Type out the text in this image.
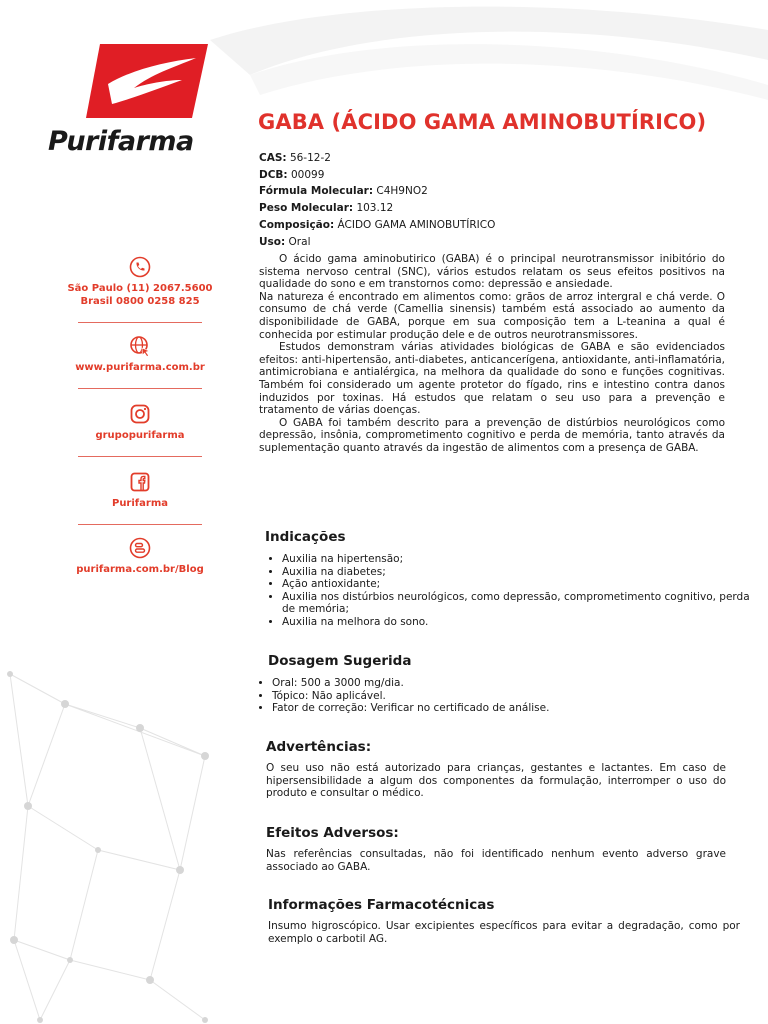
Purifarma
São Paulo (11) 2067.5600
Brasil 0800 0258 825
www.purifarma.com.br
grupopurifarma
Purifarma
purifarma.com.br/Blog
GABA (ÁCIDO GAMA AMINOBUTÍRICO)
CAS: 56-12-2
DCB: 00099
Fórmula Molecular: C4H9NO2
Peso Molecular: 103.12
Composição: ÁCIDO GAMA AMINOBUTÍRICO
Uso: Oral

O ácido gama aminobutirico (GABA) é o principal neurotransmissor inibitório do sistema nervoso central (SNC), vários estudos relatam os seus efeitos positivos na qualidade do sono e em transtornos como: depressão e ansiedade.

Na natureza é encontrado em alimentos como: grãos de arroz intergral e chá verde. O consumo de chá verde (Camellia sinensis) também está associado ao aumento da disponibilidade de GABA, porque em sua composição tem a L-teanina a qual é conhecida por estimular produção dele e de outros neurotransmissores.

Estudos demonstram várias atividades biológicas de GABA e são evidenciados efeitos: anti-hipertensão, anti-diabetes, anticancerígena, antioxidante, anti-inflamatória, antimicrobiana e antialérgica, na melhora da qualidade do sono e funções cognitivas. Também foi considerado um agente protetor do fígado, rins e intestino contra danos induzidos por toxinas. Há estudos que relatam o seu uso para a prevenção e tratamento de várias doenças.

O GABA foi também descrito para a prevenção de distúrbios neurológicos como depressão, insônia, comprometimento cognitivo e perda de memória, tanto através da suplementação quanto através da ingestão de alimentos com a presença de GABA.

Indicações
• Auxilia na hipertensão;
• Auxilia na diabetes;
• Ação antioxidante;
• Auxilia nos distúrbios neurológicos, como depressão, comprometimento cognitivo, perda de memória;
• Auxilia na melhora do sono.
Dosagem Sugerida
• Oral: 500 a 3000 mg/dia.
• Tópico: Não aplicável.
• Fator de correção: Verificar no certificado de análise.
Advertências:

O seu uso não está autorizado para crianças, gestantes e lactantes. Em caso de hipersensibilidade a algum dos componentes da formulação, interromper o uso do produto e consultar o médico.

Efeitos Adversos:

Nas referências consultadas, não foi identificado nenhum evento adverso grave associado ao GABA.

Informações Farmacotécnicas

Insumo higroscópico. Usar excipientes específicos para evitar a degradação, como por exemplo o carbotil AG.
